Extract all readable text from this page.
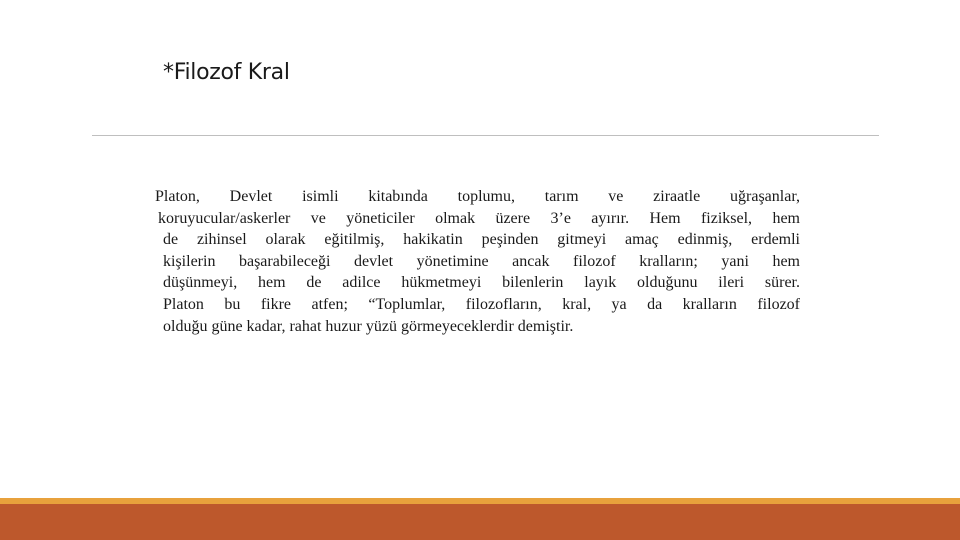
*Filozof Kral
Platon, Devlet isimli kitabında toplumu, tarım ve ziraatle uğraşanlar,
koruyucular/askerler ve yöneticiler olmak üzere 3’e ayırır. Hem fiziksel, hem
de zihinsel olarak eğitilmiş, hakikatin peşinden gitmeyi amaç edinmiş, erdemli
kişilerin başarabileceği devlet yönetimine ancak filozof kralların; yani hem
düşünmeyi, hem de adilce hükmetmeyi bilenlerin layık olduğunu ileri sürer.
Platon bu fikre atfen; “Toplumlar, filozofların, kral, ya da kralların filozof
olduğu güne kadar, rahat huzur yüzü görmeyeceklerdir demiştir.
